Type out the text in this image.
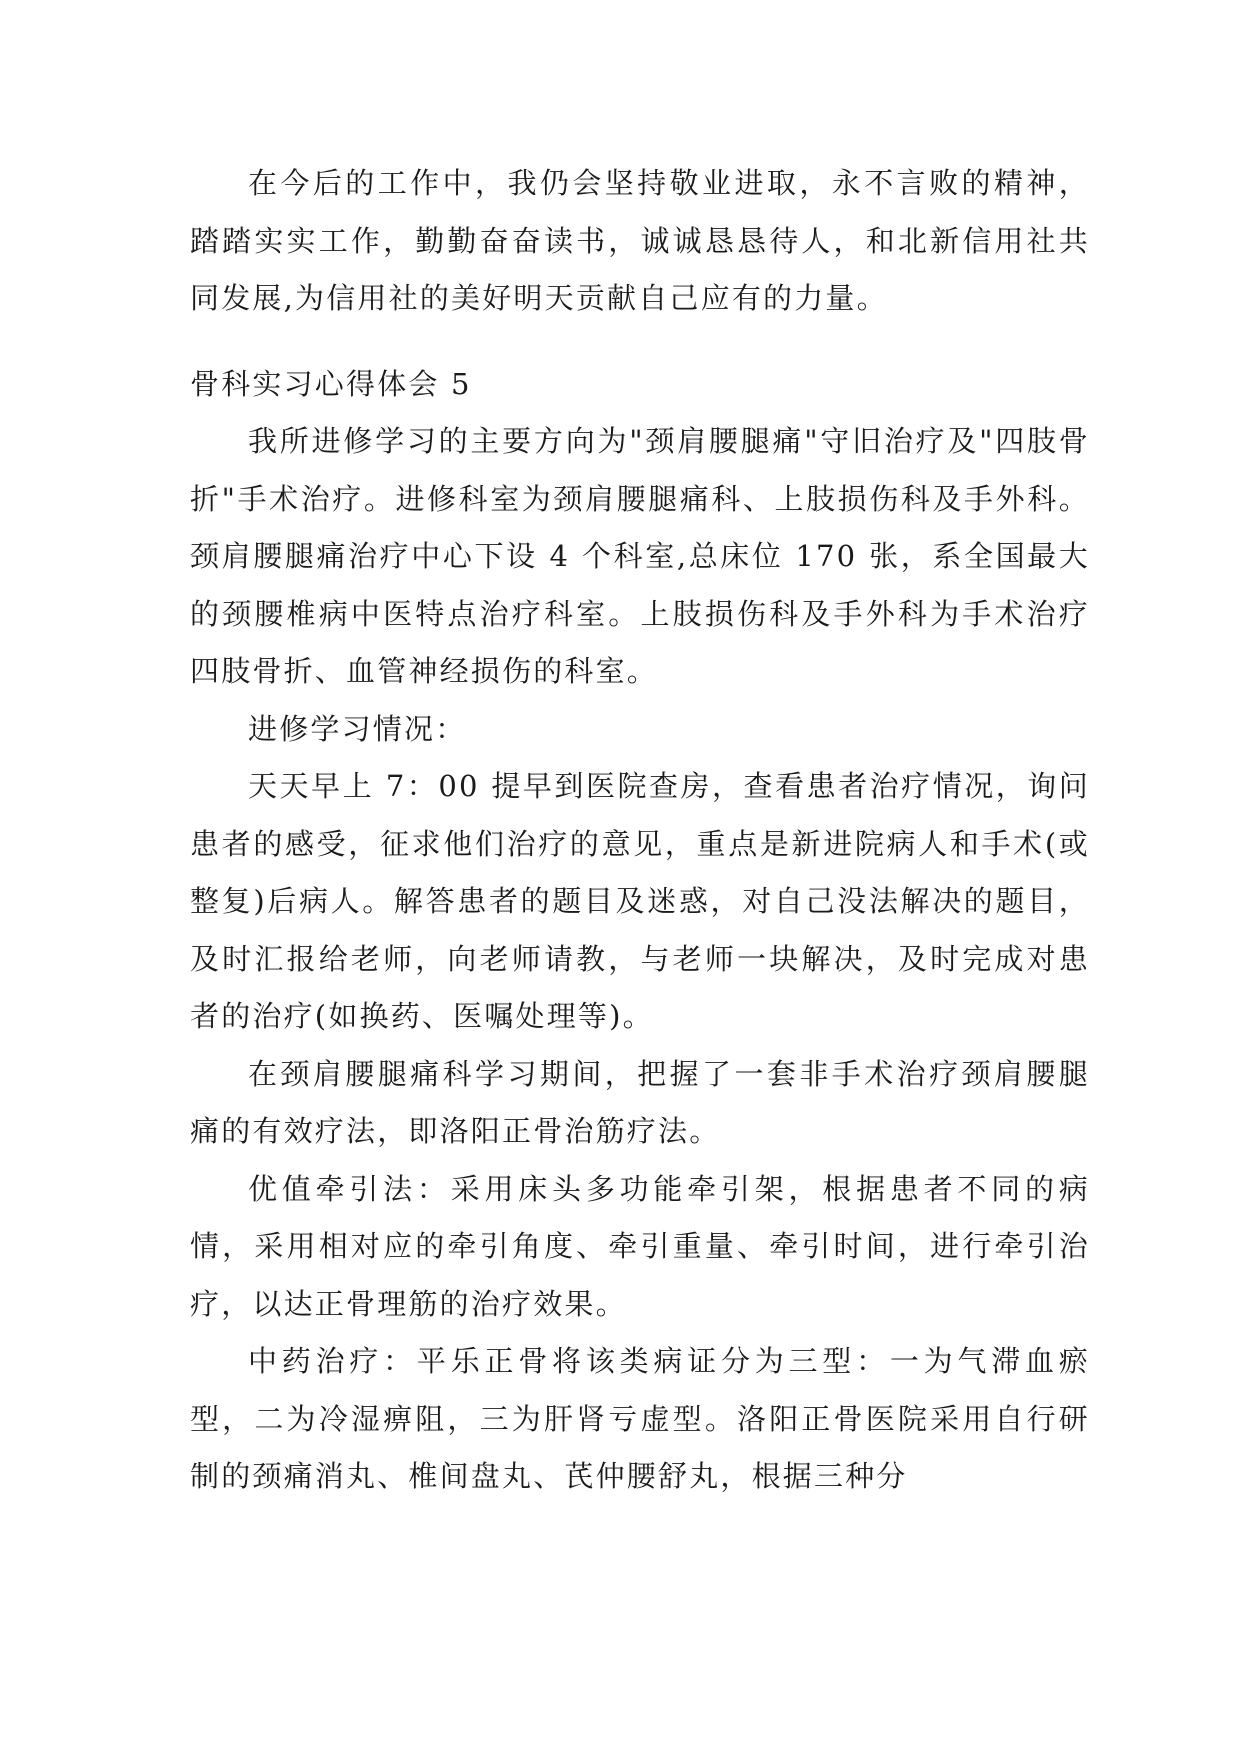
在今后的工作中，我仍会坚持敬业进取，永不言败的精神，踏踏实实工作，勤勤奋奋读书，诚诚恳恳待人，和北新信用社共同发展,为信用社的美好明天贡献自己应有的力量。

骨科实习心得体会 5

我所进修学习的主要方向为"颈肩腰腿痛"守旧治疗及"四肢骨折"手术治疗。进修科室为颈肩腰腿痛科、上肢损伤科及手外科。颈肩腰腿痛治疗中心下设 4 个科室,总床位 170 张，系全国最大的颈腰椎病中医特点治疗科室。上肢损伤科及手外科为手术治疗四肢骨折、血管神经损伤的科室。

进修学习情况：

天天早上 7：00 提早到医院查房，查看患者治疗情况，询问患者的感受，征求他们治疗的意见，重点是新进院病人和手术(或整复)后病人。解答患者的题目及迷惑，对自己没法解决的题目，及时汇报给老师，向老师请教，与老师一块解决，及时完成对患者的治疗(如换药、医嘱处理等)。

在颈肩腰腿痛科学习期间，把握了一套非手术治疗颈肩腰腿痛的有效疗法，即洛阳正骨治筋疗法。

优值牵引法：采用床头多功能牵引架，根据患者不同的病情，采用相对应的牵引角度、牵引重量、牵引时间，进行牵引治疗，以达正骨理筋的治疗效果。

中药治疗：平乐正骨将该类病证分为三型：一为气滞血瘀型，二为冷湿痹阻，三为肝肾亏虚型。洛阳正骨医院采用自行研制的颈痛消丸、椎间盘丸、芪仲腰舒丸，根据三种分
